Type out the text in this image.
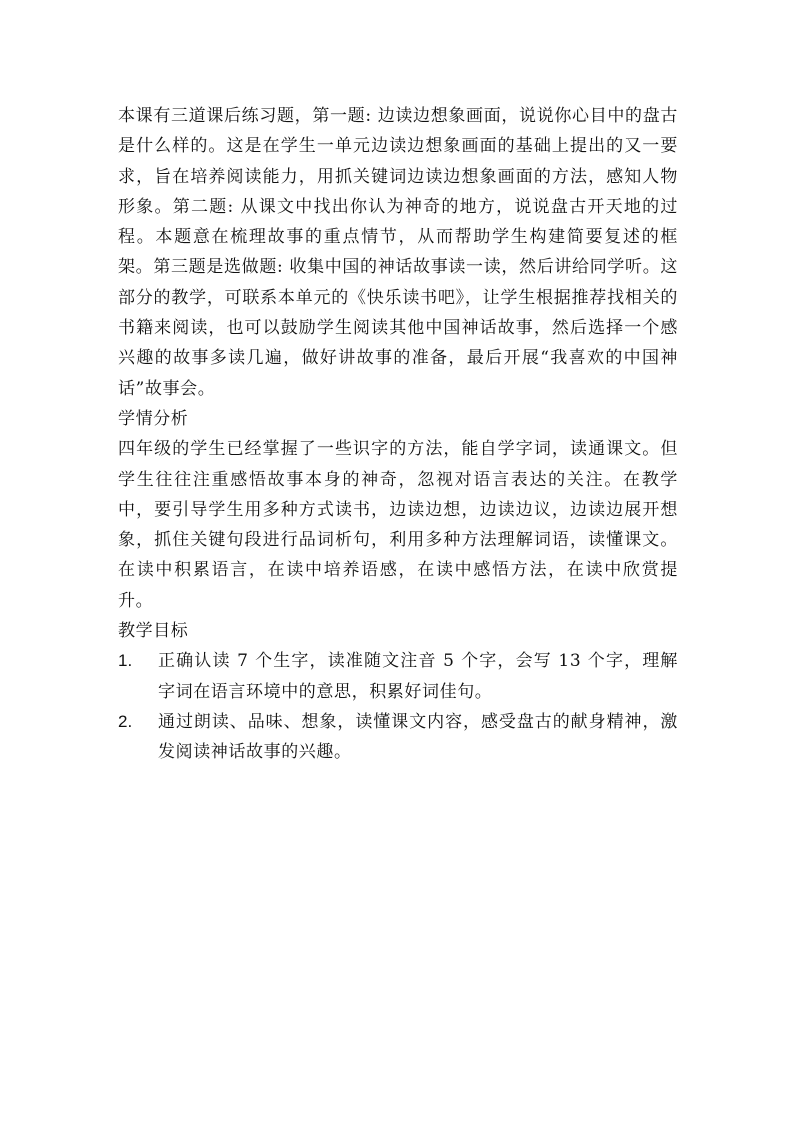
本课有三道课后练习题，第一题: 边读边想象画面，说说你心目中的盘古是什么样的。这是在学生一单元边读边想象画面的基础上提出的又一要求，旨在培养阅读能力，用抓关键词边读边想象画面的方法，感知人物形象。第二题: 从课文中找出你认为神奇的地方，说说盘古开天地的过程。本题意在梳理故事的重点情节，从而帮助学生构建简要复述的框架。第三题是选做题: 收集中国的神话故事读一读，然后讲给同学听。这部分的教学，可联系本单元的《快乐读书吧》，让学生根据推荐找相关的书籍来阅读，也可以鼓励学生阅读其他中国神话故事，然后选择一个感兴趣的故事多读几遍，做好讲故事的准备，最后开展“我喜欢的中国神话”故事会。

学情分析

四年级的学生已经掌握了一些识字的方法，能自学字词，读通课文。但学生往往注重感悟故事本身的神奇，忽视对语言表达的关注。在教学中，要引导学生用多种方式读书，边读边想，边读边议，边读边展开想象，抓住关键句段进行品词析句，利用多种方法理解词语，读懂课文。在读中积累语言，在读中培养语感，在读中感悟方法，在读中欣赏提升。

教学目标

1.	正确认读 7 个生字，读准随文注音 5 个字，会写 13 个字，理解字词在语言环境中的意思，积累好词佳句。

2.	通过朗读、品味、想象，读懂课文内容，感受盘古的献身精神，激发阅读神话故事的兴趣。
